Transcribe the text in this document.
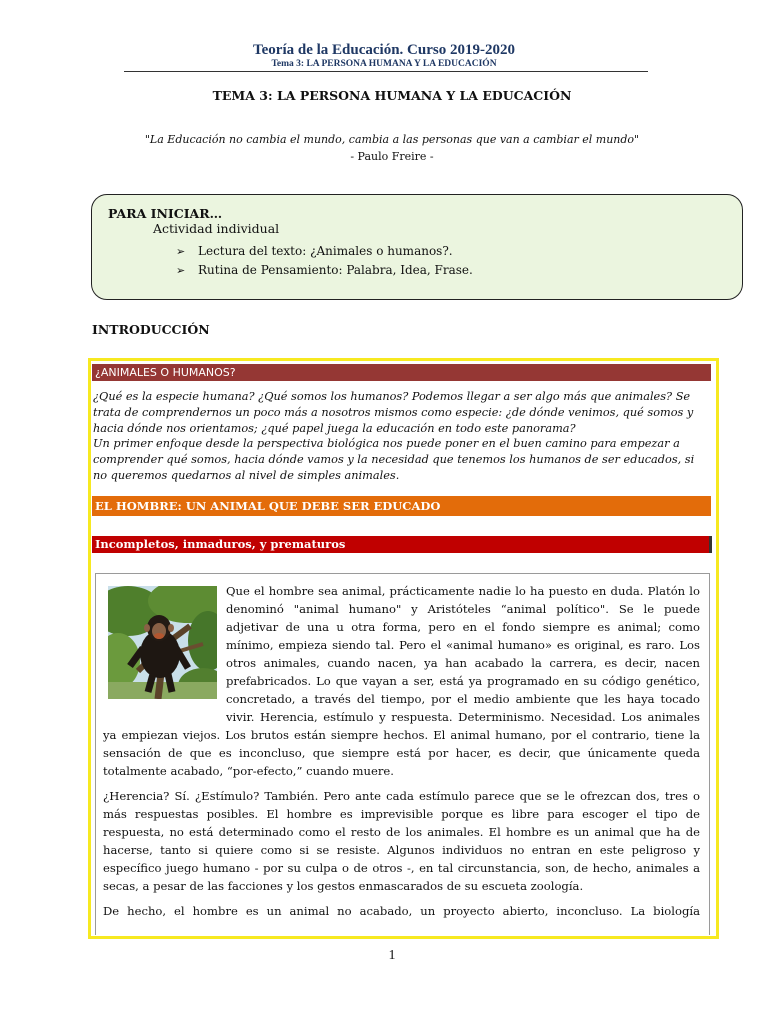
Teoría de la Educación. Curso 2019-2020
Tema 3: LA PERSONA HUMANA Y LA EDUCACIÓN
TEMA 3: LA PERSONA HUMANA Y LA EDUCACIÓN
"La Educación no cambia el mundo, cambia a las personas que van a cambiar el mundo"
- Paulo Freire -
PARA INICIAR…
Actividad individual
➢ Lectura del texto: ¿Animales o humanos?.
➢ Rutina de Pensamiento: Palabra, Idea, Frase.
INTRODUCCIÓN
¿ANIMALES O HUMANOS?
¿Qué es la especie humana? ¿Qué somos los humanos? Podemos llegar a ser algo más que animales? Se
trata de comprendernos un poco más a nosotros mismos como especie: ¿de dónde venimos, qué somos y
hacia dónde nos orientamos; ¿qué papel juega la educación en todo este panorama?
Un primer enfoque desde la perspectiva biológica nos puede poner en el buen camino para empezar a
comprender qué somos, hacia dónde vamos y la necesidad que tenemos los humanos de ser educados, si
no queremos quedarnos al nivel de simples animales.
EL HOMBRE: UN ANIMAL QUE DEBE SER EDUCADO
Incompletos, inmaduros, y prematuros
Que el hombre sea animal, prácticamente nadie lo ha puesto en duda. Platón lo
denominó "animal humano" y Aristóteles “animal político". Se le puede
adjetivar de una u otra forma, pero en el fondo siempre es animal; como
mínimo, empieza siendo tal. Pero el «animal humano» es original, es raro. Los
otros animales, cuando nacen, ya han acabado la carrera, es decir, nacen
prefabricados. Lo que vayan a ser, está ya programado en su código genético,
concretado, a través del tiempo, por el medio ambiente que les haya tocado
vivir. Herencia, estímulo y respuesta. Determinismo. Necesidad. Los animales
ya empiezan viejos. Los brutos están siempre hechos. El animal humano, por el contrario, tiene la
sensación de que es inconcluso, que siempre está por hacer, es decir, que únicamente queda
totalmente acabado, “por-efecto,” cuando muere.
¿Herencia? Sí. ¿Estímulo? También. Pero ante cada estímulo parece que se le ofrezcan dos, tres o
más respuestas posibles. El hombre es imprevisible porque es libre para escoger el tipo de
respuesta, no está determinado como el resto de los animales. El hombre es un animal que ha de
hacerse, tanto si quiere como si se resiste. Algunos individuos no entran en este peligroso y
específico juego humano - por su culpa o de otros -, en tal circunstancia, son, de hecho, animales a
secas, a pesar de las facciones y los gestos enmascarados de su escueta zoología.
De hecho, el hombre es un animal no acabado, un proyecto abierto, inconcluso. La biología
1
